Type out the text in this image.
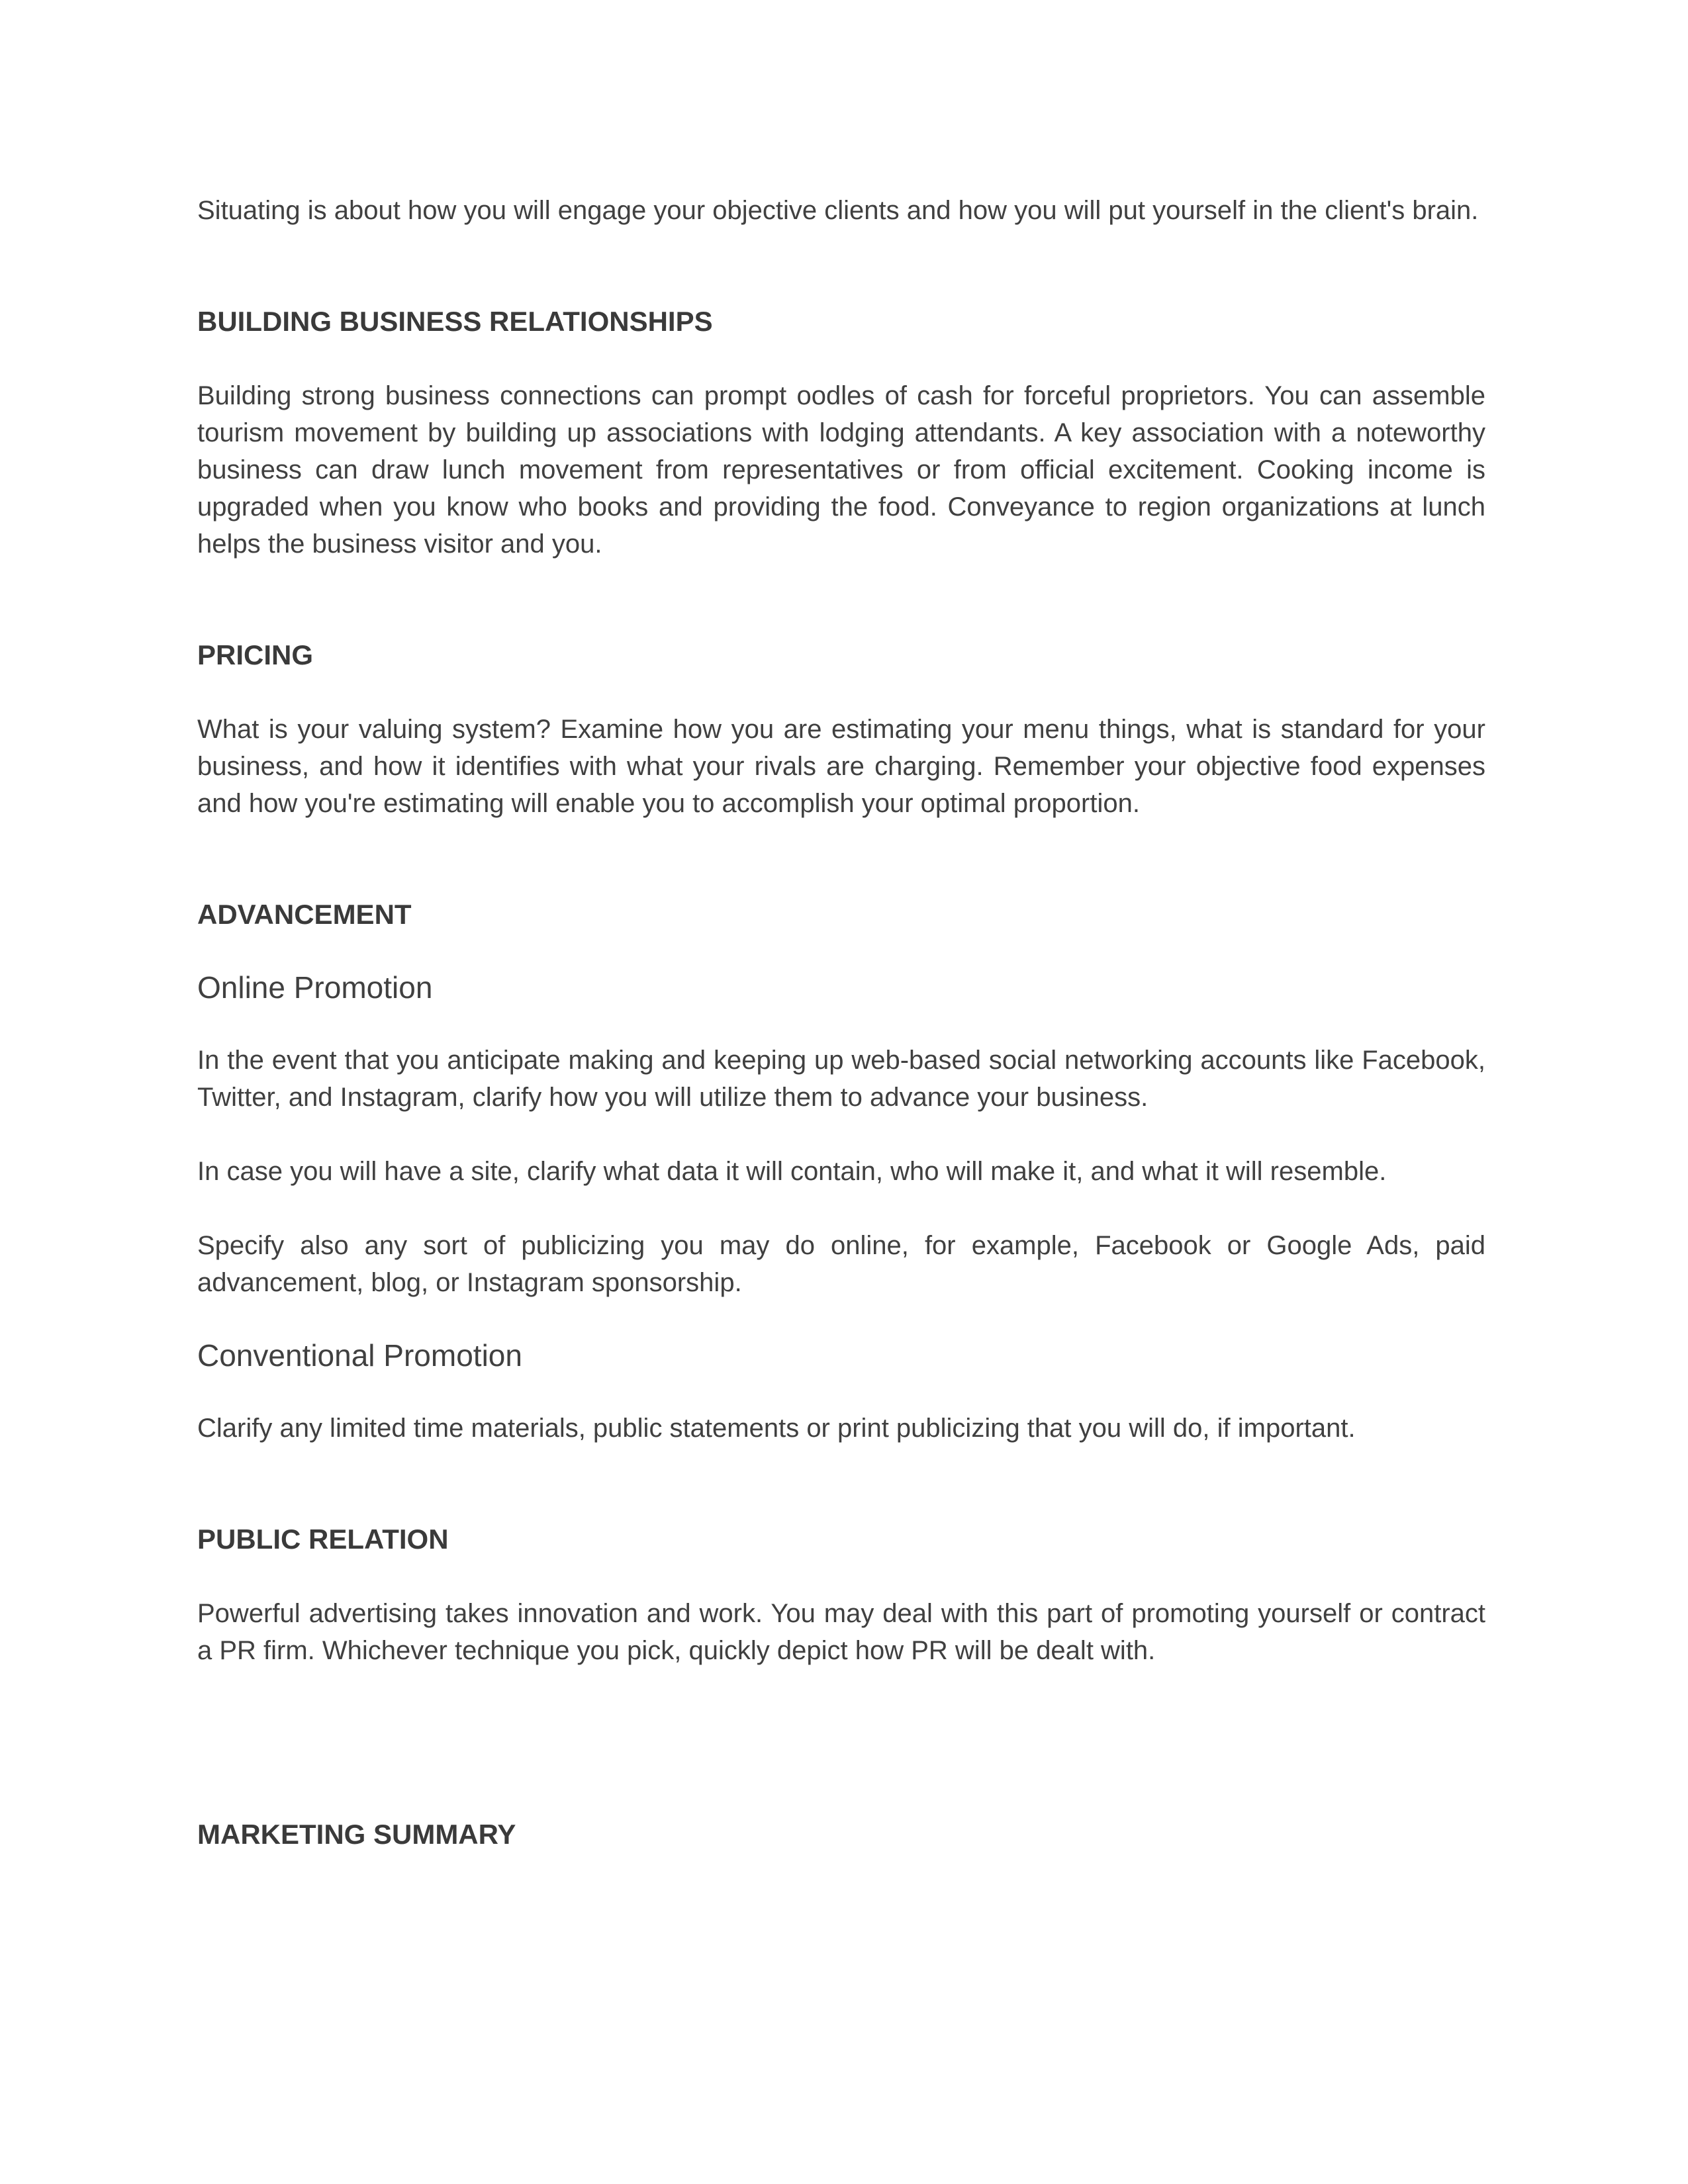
Situating is about how you will engage your objective clients and how you will put yourself in the client's brain.

BUILDING BUSINESS RELATIONSHIPS

Building strong business connections can prompt oodles of cash for forceful proprietors. You can assemble tourism movement by building up associations with lodging attendants. A key association with a noteworthy business can draw lunch movement from representatives or from official excitement. Cooking income is upgraded when you know who books and providing the food. Conveyance to region organizations at lunch helps the business visitor and you.

PRICING

What is your valuing system? Examine how you are estimating your menu things, what is standard for your business, and how it identifies with what your rivals are charging. Remember your objective food expenses and how you're estimating will enable you to accomplish your optimal proportion.

ADVANCEMENT
Online Promotion

In the event that you anticipate making and keeping up web-based social networking accounts like Facebook, Twitter, and Instagram, clarify how you will utilize them to advance your business.

In case you will have a site, clarify what data it will contain, who will make it, and what it will resemble.

Specify also any sort of publicizing you may do online, for example, Facebook or Google Ads, paid advancement, blog, or Instagram sponsorship.

Conventional Promotion

Clarify any limited time materials, public statements or print publicizing that you will do, if important.

PUBLIC RELATION

Powerful advertising takes innovation and work. You may deal with this part of promoting yourself or contract a PR firm. Whichever technique you pick, quickly depict how PR will be dealt with.

MARKETING SUMMARY
